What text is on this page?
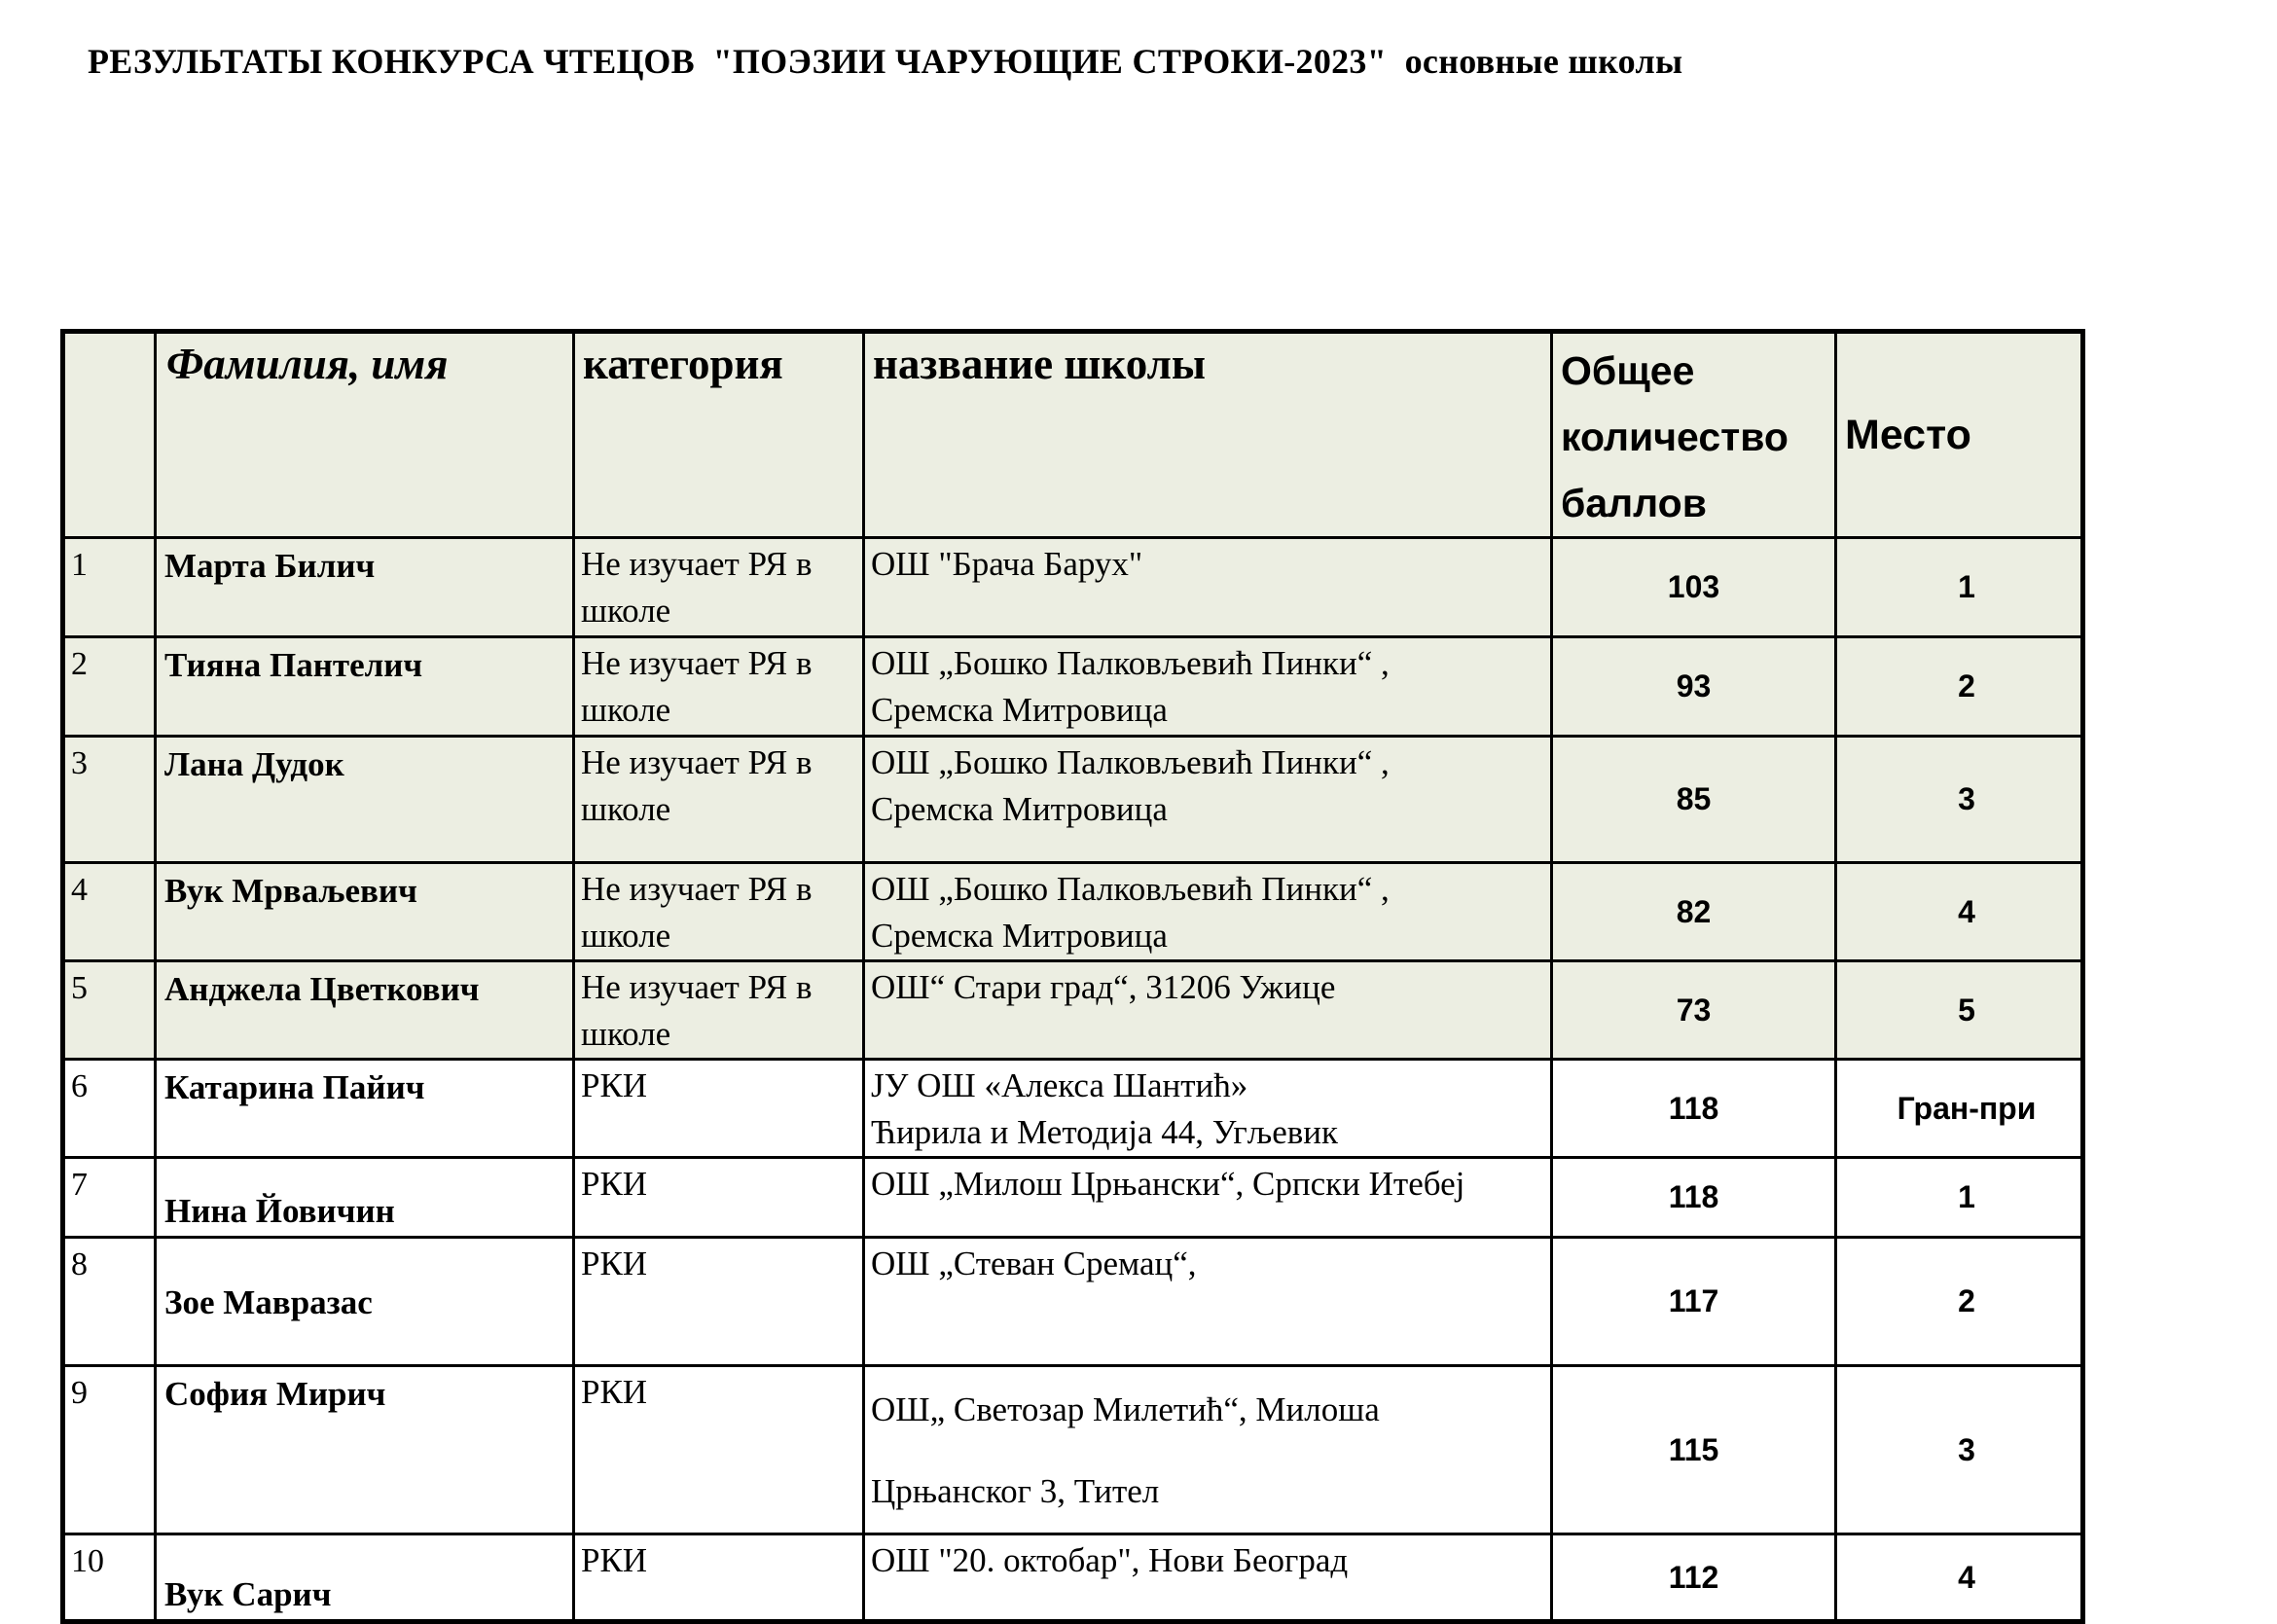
РЕЗУЛЬТАТЫ КОНКУРСА ЧТЕЦОВ  "ПОЭЗИИ ЧАРУЮЩИЕ СТРОКИ-2023"  основные школы
	Фамилия, имя	категория	название школы	Общее
количество
баллов	Место
1	Марта Билич	Не изучает РЯ в школе	ОШ "Брача Барух"	103	1
2	Тияна Пантелич	Не изучает РЯ в школе	ОШ „Бошко Палковљевић Пинки“ ,
Сремска Митровица	93	2
3	Лана Дудок	Не изучает РЯ в школе	ОШ „Бошко Палковљевић Пинки“ ,
Сремска Митровица	85	3
4	Вук Мрваљевич	Не изучает РЯ в школе	ОШ „Бошко Палковљевић Пинки“ ,
Сремска Митровица	82	4
5	Анджела Цветкович	Не изучает РЯ в школе	ОШ“ Стари град“, 31206 Ужице	73	5
6	Катарина Пайич	РКИ	ЈУ ОШ «Алекса Шантић»
Ћирила и Методија 44, Угљевик	118	Гран-при
7	Нина Йовичин	РКИ	ОШ „Милош Црњански“, Српски Итебеј	118	1
8	Зое Мавразас	РКИ	ОШ „Стеван Сремац“,	117	2
9	София Мирич	РКИ	ОШ„ Светозар Милетић“, Милоша
Црњанског 3, Тител	115	3
10	Вук Сарич	РКИ	ОШ "20. октобар", Нови Београд	112	4
